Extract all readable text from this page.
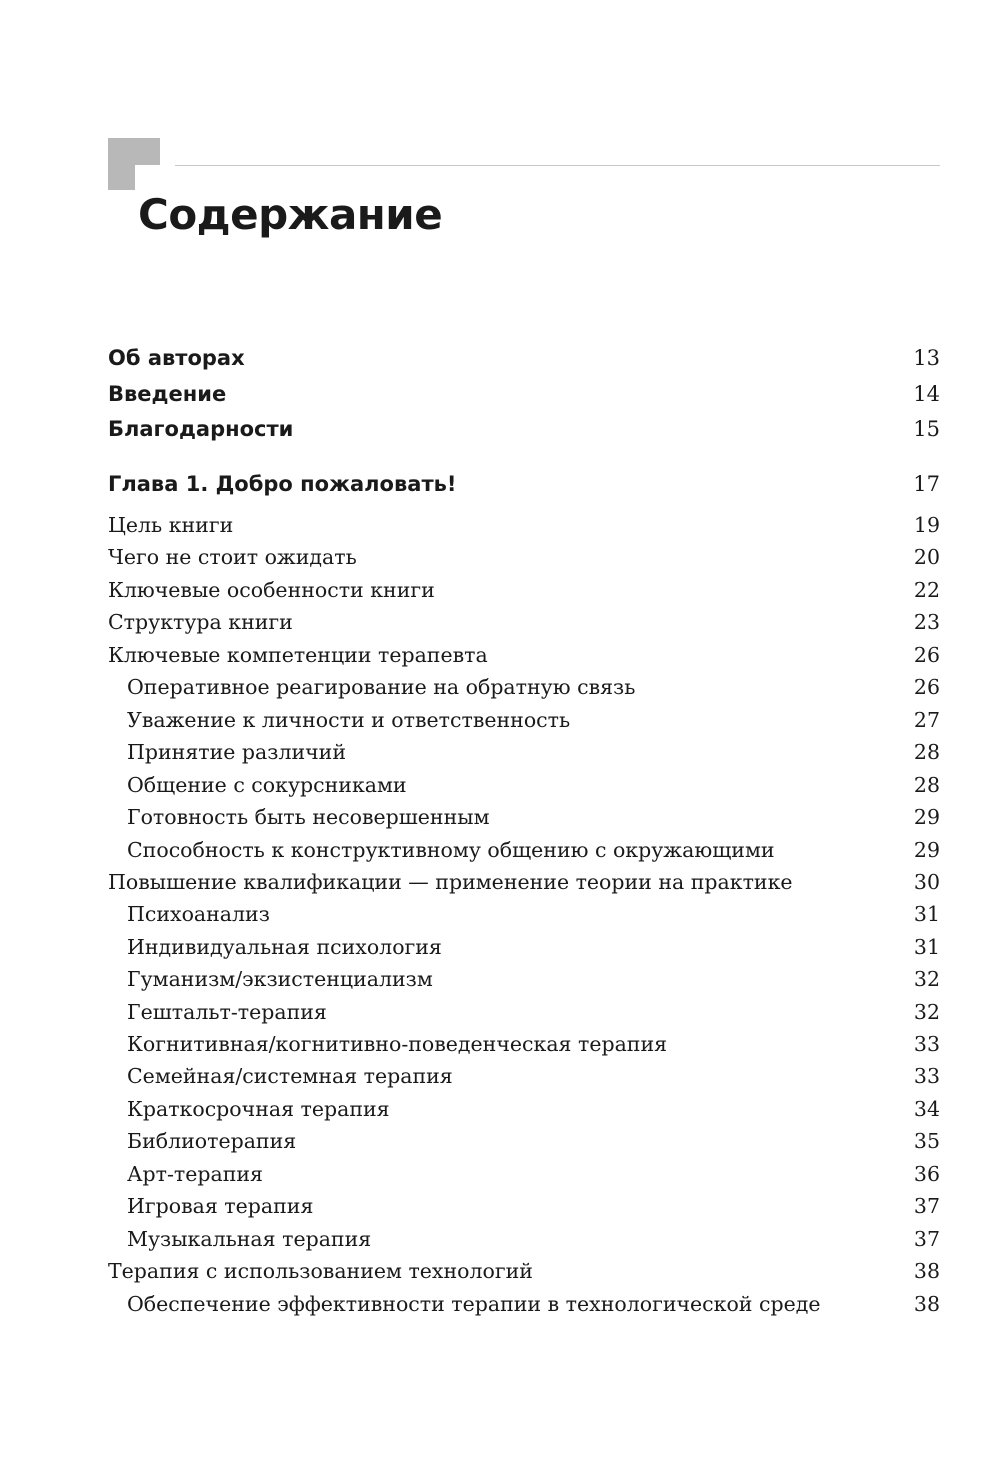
Содержание
Об авторах	13
Введение	14
Благодарности	15
Глава 1. Добро пожаловать!	17
Цель книги	19
Чего не стоит ожидать	20
Ключевые особенности книги	22
Структура книги	23
Ключевые компетенции терапевта	26
Оперативное реагирование на обратную связь	26
Уважение к личности и ответственность	27
Принятие различий	28
Общение с сокурсниками	28
Готовность быть несовершенным	29
Способность к конструктивному общению с окружающими	29
Повышение квалификации — применение теории на практике	30
Психоанализ	31
Индивидуальная психология	31
Гуманизм/экзистенциализм	32
Гештальт-терапия	32
Когнитивная/когнитивно-поведенческая терапия	33
Семейная/системная терапия	33
Краткосрочная терапия	34
Библиотерапия	35
Арт-терапия	36
Игровая терапия	37
Музыкальная терапия	37
Терапия с использованием технологий	38
Обеспечение эффективности терапии в технологической среде	38
